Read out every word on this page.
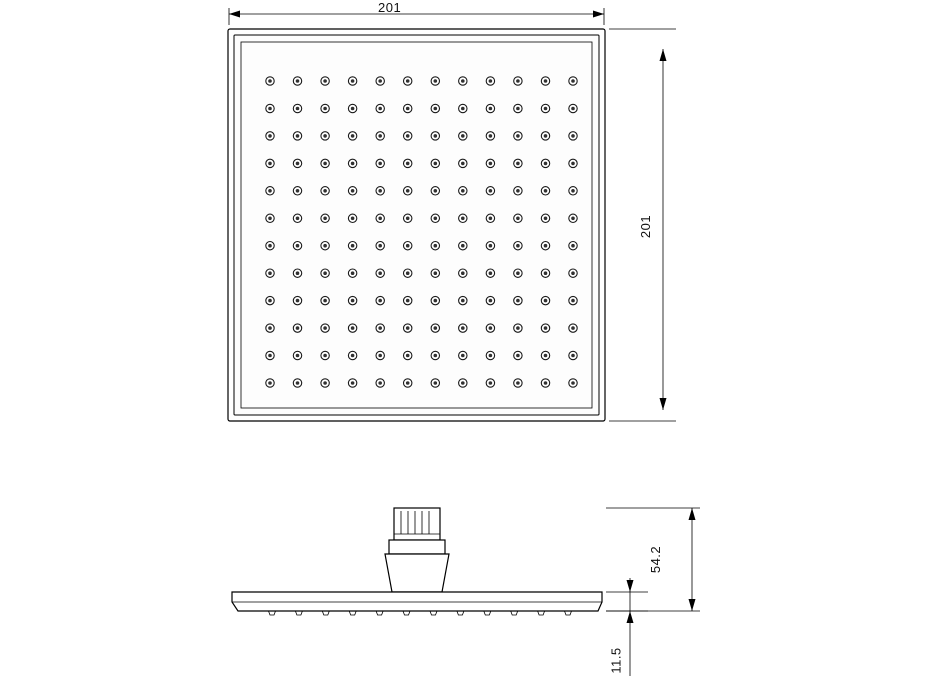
201
201
54.2
11.5
